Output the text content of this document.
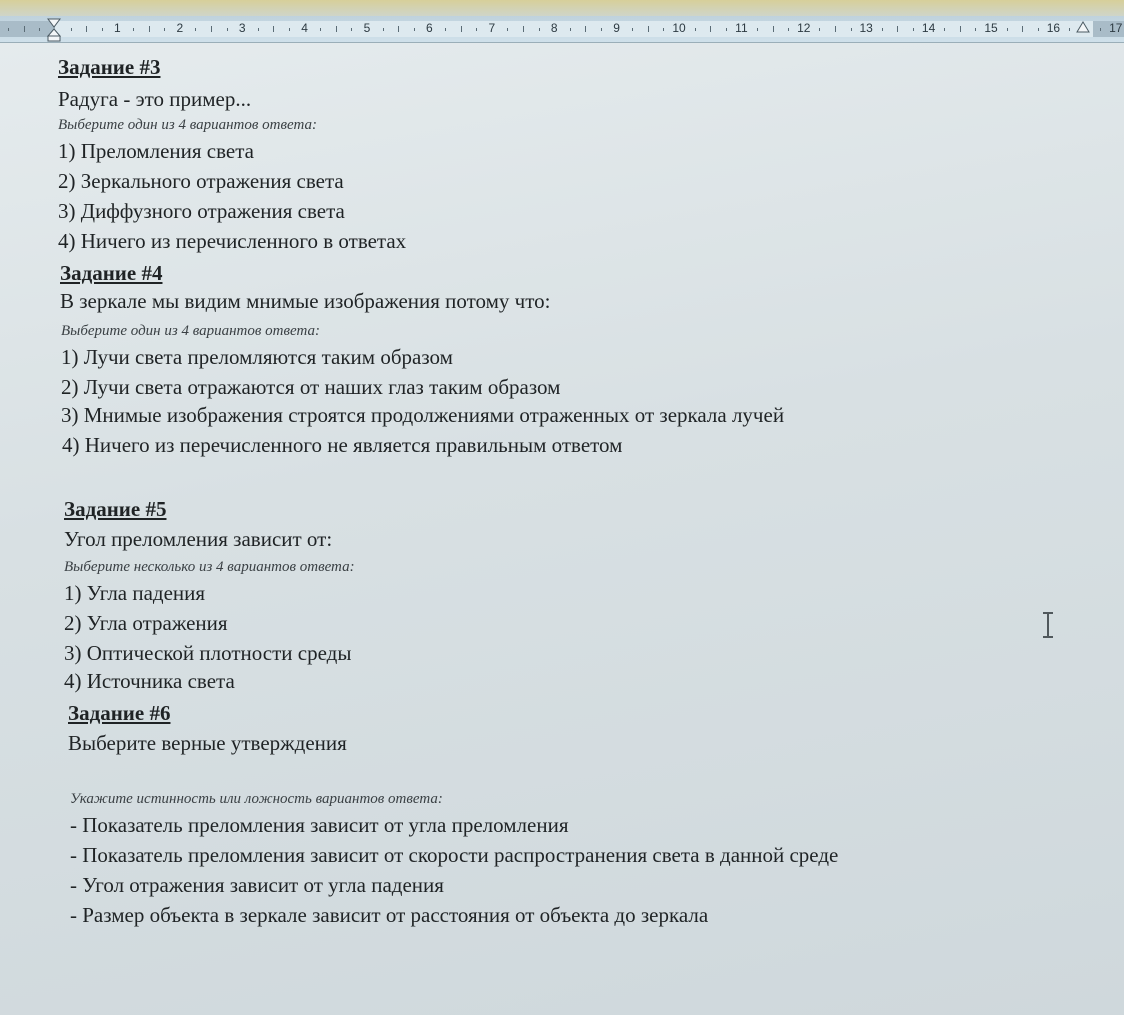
1	2	3	4	5	6	7	8	9	10	11	12	13	14	15	16	17
Задание #3
Радуга - это пример...
Выберите один из 4 вариантов ответа:
1) Преломления света
2) Зеркального отражения света
3) Диффузного отражения света
4) Ничего из перечисленного в ответах
Задание #4
В зеркале мы видим мнимые изображения потому что:
Выберите один из 4 вариантов ответа:
1) Лучи света преломляются таким образом
2) Лучи света отражаются от наших глаз таким образом
3) Мнимые изображения строятся продолжениями отраженных от зеркала лучей
4) Ничего из перечисленного не является правильным ответом
Задание #5
Угол преломления зависит от:
Выберите несколько из 4 вариантов ответа:
1) Угла падения
2) Угла отражения
3) Оптической плотности среды
4) Источника света
Задание #6
Выберите верные утверждения
Укажите истинность или ложность вариантов ответа:
- Показатель преломления зависит от угла преломления
- Показатель преломления зависит от скорости распространения света в данной среде
- Угол отражения зависит от угла падения
- Размер объекта в зеркале зависит от расстояния от объекта до зеркала
